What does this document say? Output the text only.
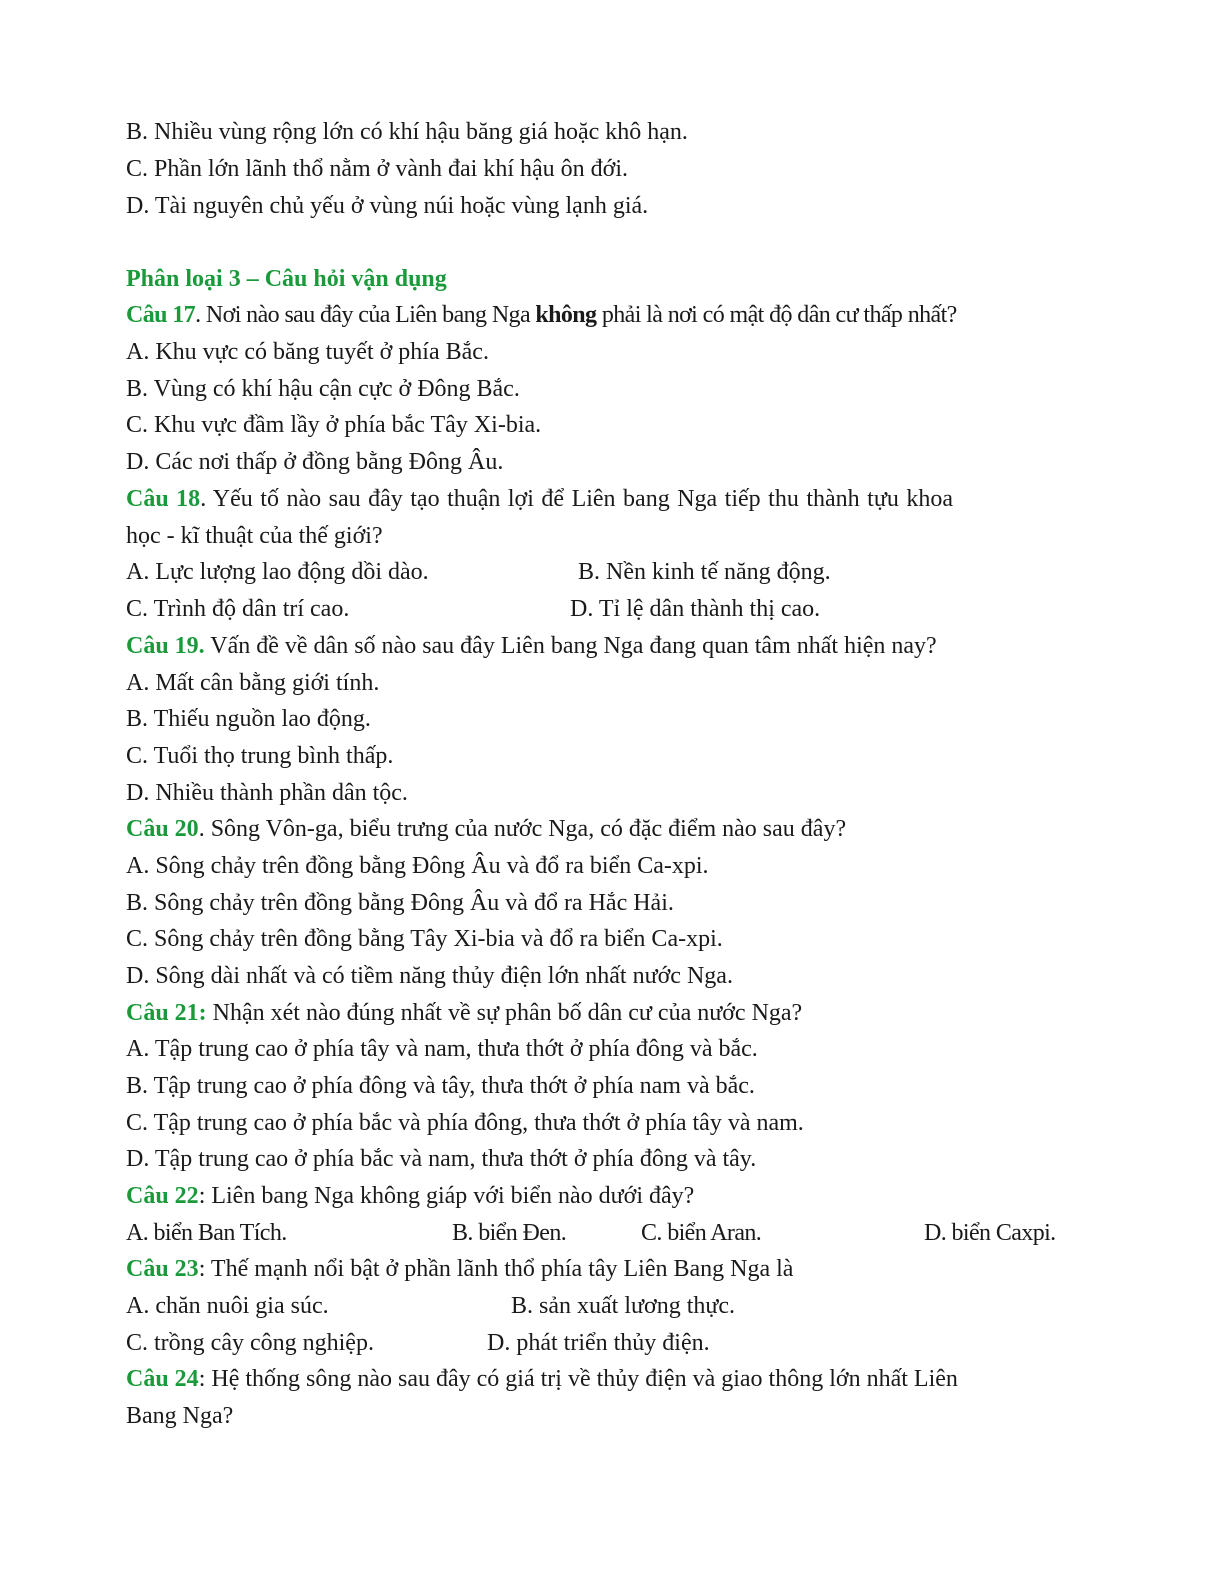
B. Nhiều vùng rộng lớn có khí hậu băng giá hoặc khô hạn.
C. Phần lớn lãnh thổ nằm ở vành đai khí hậu ôn đới.
D. Tài nguyên chủ yếu ở vùng núi hoặc vùng lạnh giá.
Phân loại 3 – Câu hỏi vận dụng
Câu 17. Nơi nào sau đây của Liên bang Nga không phải là nơi có mật độ dân cư thấp nhất?
A. Khu vực có băng tuyết ở phía Bắc.
B. Vùng có khí hậu cận cực ở Đông Bắc.
C. Khu vực đầm lầy ở phía bắc Tây Xi-bia.
D. Các nơi thấp ở đồng bằng Đông Âu.
Câu 18. Yếu tố nào sau đây tạo thuận lợi để Liên bang Nga tiếp thu thành tựu khoa
học - kĩ thuật của thế giới?
A. Lực lượng lao động dồi dào.	B. Nền kinh tế năng động.
C. Trình độ dân trí cao.	D. Tỉ lệ dân thành thị cao.
Câu 19. Vấn đề về dân số nào sau đây Liên bang Nga đang quan tâm nhất hiện nay?
A. Mất cân bằng giới tính.
B. Thiếu nguồn lao động.
C. Tuổi thọ trung bình thấp.
D. Nhiều thành phần dân tộc.
Câu 20. Sông Vôn-ga, biểu trưng của nước Nga, có đặc điểm nào sau đây?
A. Sông chảy trên đồng bằng Đông Âu và đổ ra biển Ca-xpi.
B. Sông chảy trên đồng bằng Đông Âu và đổ ra Hắc Hải.
C. Sông chảy trên đồng bằng Tây Xi-bia và đổ ra biển Ca-xpi.
D. Sông dài nhất và có tiềm năng thủy điện lớn nhất nước Nga.
Câu 21: Nhận xét nào đúng nhất về sự phân bố dân cư của nước Nga?
A. Tập trung cao ở phía tây và nam, thưa thớt ở phía đông và bắc.
B. Tập trung cao ở phía đông và tây, thưa thớt ở phía nam và bắc.
C. Tập trung cao ở phía bắc và phía đông, thưa thớt ở phía tây và nam.
D. Tập trung cao ở phía bắc và nam, thưa thớt ở phía đông và tây.
Câu 22: Liên bang Nga không giáp với biển nào dưới đây?
A. biển Ban Tích.	B. biển Đen.	C. biển Aran.	D. biển Caxpi.
Câu 23: Thế mạnh nổi bật ở phần lãnh thổ phía tây Liên Bang Nga là
A. chăn nuôi gia súc.	B. sản xuất lương thực.
C. trồng cây công nghiệp.	D. phát triển thủy điện.
Câu 24: Hệ thống sông nào sau đây có giá trị về thủy điện và giao thông lớn nhất Liên
Bang Nga?
